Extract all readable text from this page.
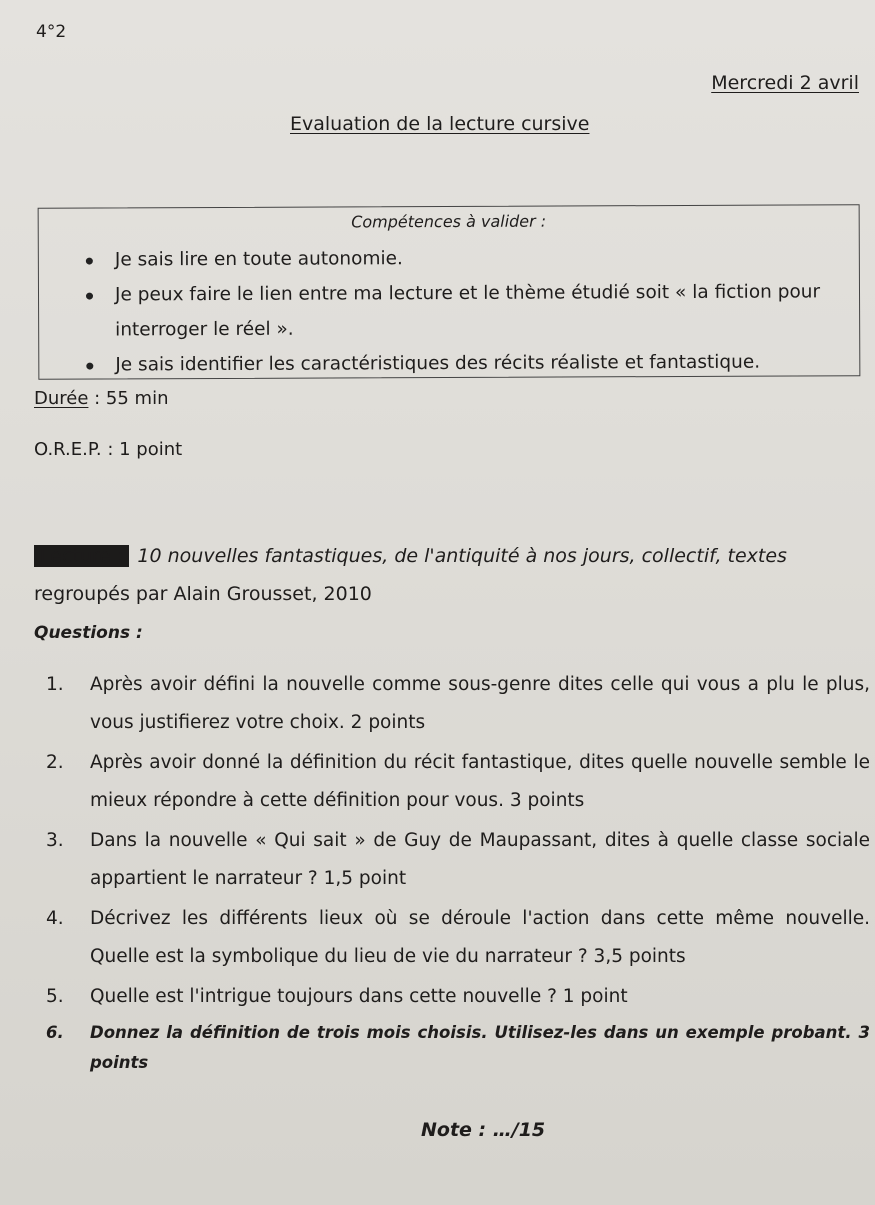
4°2
Mercredi 2 avril
Evaluation de la lecture cursive
Compétences à valider :
Je sais lire en toute autonomie.
Je peux faire le lien entre ma lecture et le thème étudié soit « la fiction pour interroger le réel ».
Je sais identifier les caractéristiques des récits réaliste et fantastique.
Durée : 55 min
O.R.E.P. : 1 point
Lecture : 10 nouvelles fantastiques, de l'antiquité à nos jours, collectif, textes
regroupés par Alain Grousset, 2010
Questions :
1. Après avoir défini la nouvelle comme sous-genre dites celle qui vous a plu le plus, vous justifierez votre choix. 2 points
2. Après avoir donné la définition du récit fantastique, dites quelle nouvelle semble le mieux répondre à cette définition pour vous. 3 points
3. Dans la nouvelle « Qui sait » de Guy de Maupassant, dites à quelle classe sociale appartient le narrateur ? 1,5 point
4. Décrivez les différents lieux où se déroule l'action dans cette même nouvelle. Quelle est la symbolique du lieu de vie du narrateur ? 3,5 points
5. Quelle est l'intrigue toujours dans cette nouvelle ? 1 point
6. Donnez la définition de trois mois choisis. Utilisez-les dans un exemple probant. 3 points
Note : …/15
